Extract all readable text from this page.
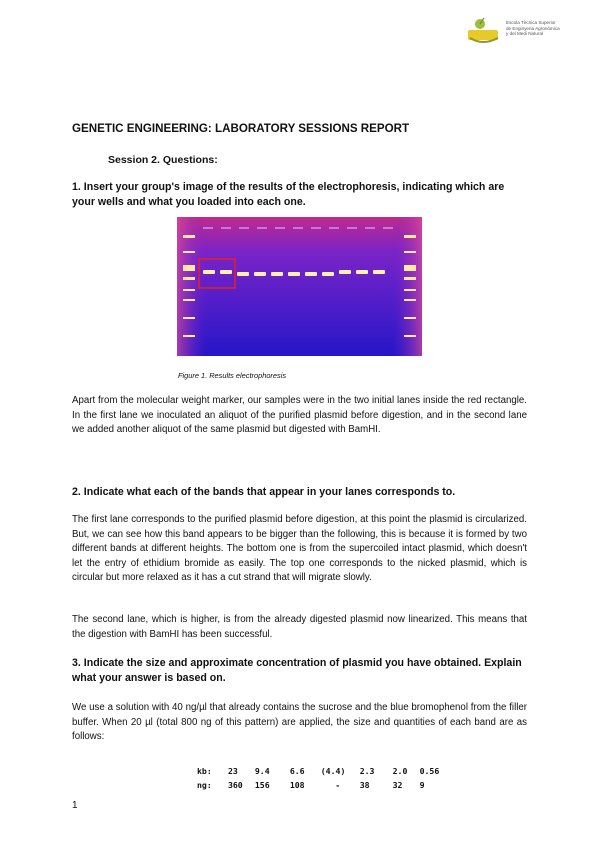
Escola Tècnica Superior
de Enginyeria Agronòmica
y del Medi Natural
GENETIC ENGINEERING: LABORATORY SESSIONS REPORT
Session 2. Questions:
1. Insert your group's image of the results of the electrophoresis, indicating which are your wells and what you loaded into each one.
Figure 1. Results electrophoresis
Apart from the molecular weight marker, our samples were in the two initial lanes inside the red rectangle. In the first lane we inoculated an aliquot of the purified plasmid before digestion, and in the second lane we added another aliquot of the same plasmid but digested with BamHI.
2. Indicate what each of the bands that appear in your lanes corresponds to.
The first lane corresponds to the purified plasmid before digestion, at this point the plasmid is circularized. But, we can see how this band appears to be bigger than the following, this is because it is formed by two different bands at different heights. The bottom one is from the supercoiled intact plasmid, which doesn't let the entry of ethidium bromide as easily. The top one corresponds to the nicked plasmid, which is circular but more relaxed as it has a cut strand that will migrate slowly.
The second lane, which is higher, is from the already digested plasmid now linearized. This means that the digestion with BamHI has been successful.
3. Indicate the size and approximate concentration of plasmid you have obtained. Explain what your answer is based on.
We use a solution with 40 ng/µl that already contains the sucrose and the blue bromophenol from the filler buffer. When 20 µl (total 800 ng of this pattern) are applied, the size and quantities of each band are as follows:
kb: 23 9.4 6.6 (4.4) 2.3 2.0 0.56
ng: 360 156 108	- 38	32 9
1
